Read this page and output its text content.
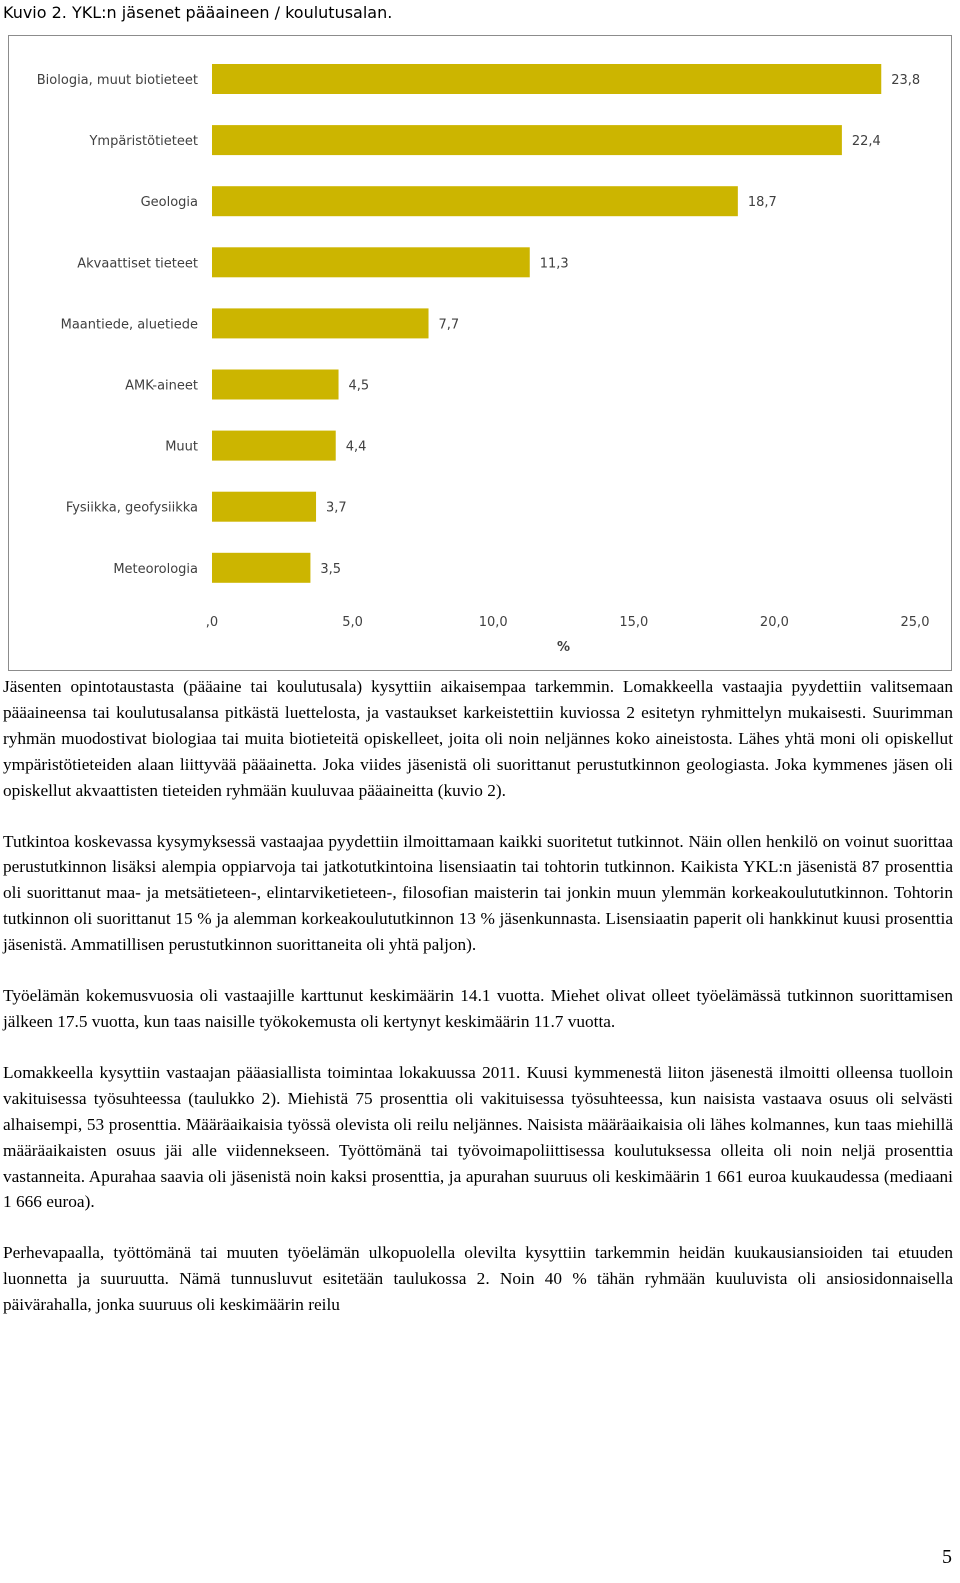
Kuvio 2. YKL:n jäsenet pääaineen / koulutusalan.
Biologia, muut biotieteet	23,8
Ympäristötieteet	22,4
Geologia	18,7
Akvaattiset tieteet	11,3
Maantiede, aluetiede	7,7
AMK-aineet	4,5
Muut	4,4
Fysiikka, geofysiikka	3,7
Meteorologia	3,5
,0	5,0	10,0	15,0	20,0	25,0
%

Jäsenten opintotaustasta (pääaine tai koulutusala) kysyttiin aikaisempaa tarkemmin. Lomakkeella vastaajia pyydettiin valitsemaan pääaineensa tai koulutusalansa pitkästä luettelosta, ja vastaukset karkeistettiin kuviossa 2 esitetyn ryhmittelyn mukaisesti. Suurimman ryhmän muodostivat biologiaa tai muita biotieteitä opiskelleet, joita oli noin neljännes koko aineistosta. Lähes yhtä moni oli opiskellut ympäristötieteiden alaan liittyvää pääainetta. Joka viides jäsenistä oli suorittanut perustutkinnon geologiasta. Joka kymmenes jäsen oli opiskellut akvaattisten tieteiden ryhmään kuuluvaa pääaineitta (kuvio 2).

Tutkintoa koskevassa kysymyksessä vastaajaa pyydettiin ilmoittamaan kaikki suoritetut tutkinnot. Näin ollen henkilö on voinut suorittaa perustutkinnon lisäksi alempia oppiarvoja tai jatkotutkintoina lisensiaatin tai tohtorin tutkinnon. Kaikista YKL:n jäsenistä 87 prosenttia oli suorittanut maa- ja metsätieteen-, elintarviketieteen-, filosofian maisterin tai jonkin muun ylemmän korkeakoulututkinnon. Tohtorin tutkinnon oli suorittanut 15 % ja alemman korkeakoulututkinnon 13 % jäsenkunnasta. Lisensiaatin paperit oli hankkinut kuusi prosenttia jäsenistä. Ammatillisen perustutkinnon suorittaneita oli yhtä paljon).

Työelämän kokemusvuosia oli vastaajille karttunut keskimäärin 14.1 vuotta. Miehet olivat olleet työelämässä tutkinnon suorittamisen jälkeen 17.5 vuotta, kun taas naisille työkokemusta oli kertynyt keskimäärin 11.7 vuotta.

Lomakkeella kysyttiin vastaajan pääasiallista toimintaa lokakuussa 2011. Kuusi kymmenestä liiton jäsenestä ilmoitti olleensa tuolloin vakituisessa työsuhteessa (taulukko 2). Miehistä 75 prosenttia oli vakituisessa työsuhteessa, kun naisista vastaava osuus oli selvästi alhaisempi, 53 prosenttia. Määräaikaisia työssä olevista oli reilu neljännes. Naisista määräaikaisia oli lähes kolmannes, kun taas miehillä määräaikaisten osuus jäi alle viidennekseen. Työttömänä tai työvoimapoliittisessa koulutuksessa olleita oli noin neljä prosenttia vastanneita. Apurahaa saavia oli jäsenistä noin kaksi prosenttia, ja apurahan suuruus oli keskimäärin 1 661 euroa kuukaudessa (mediaani 1 666 euroa).

Perhevapaalla, työttömänä tai muuten työelämän ulkopuolella olevilta kysyttiin tarkemmin heidän kuukausiansioiden tai etuuden luonnetta ja suuruutta. Nämä tunnusluvut esitetään taulukossa 2. Noin 40 % tähän ryhmään kuuluvista oli ansiosidonnaisella päivärahalla, jonka suuruus oli keskimäärin reilu

5
